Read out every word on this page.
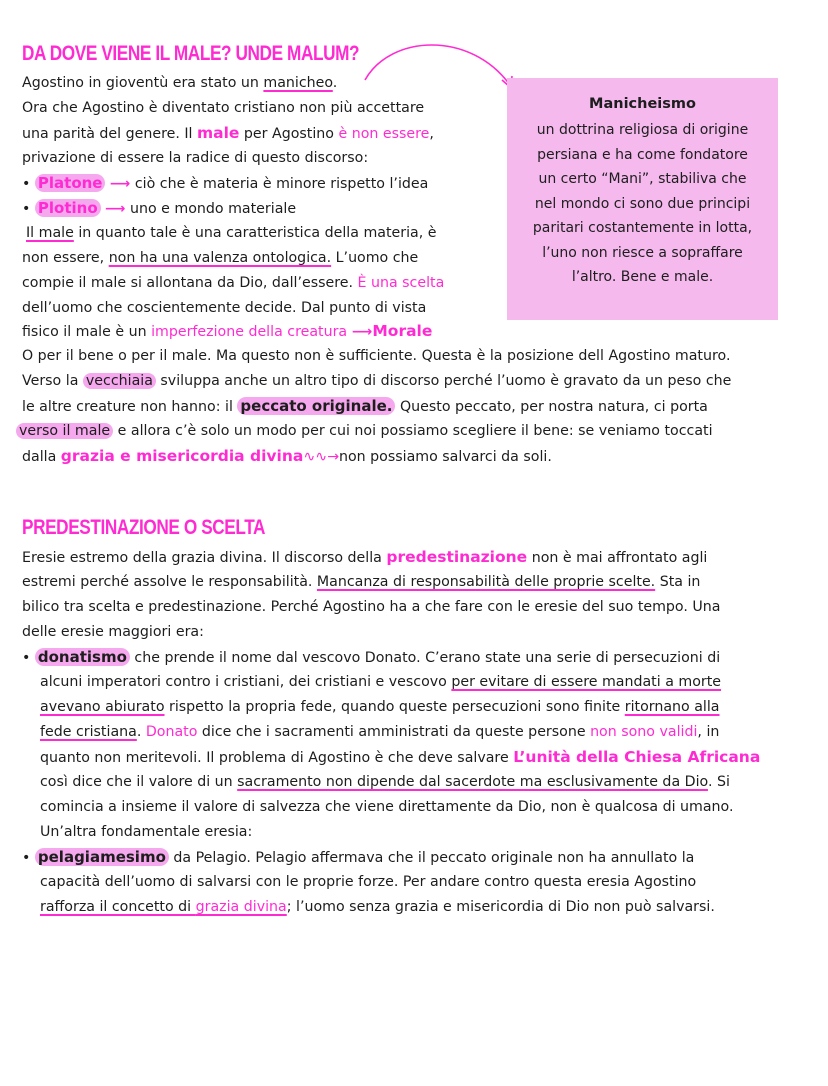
DA DOVE VIENE IL MALE? UNDE MALUM?
Agostino in gioventù era stato un manicheo.
Ora che Agostino è diventato cristiano non più accettare
una parità del genere. Il male per Agostino è non essere,
privazione di essere la radice di questo discorso:
• Platone ⟶ ciò che è materia è minore rispetto l’idea
• Plotino ⟶ uno e mondo materiale
Il male in quanto tale è una caratteristica della materia, è
non essere, non ha una valenza ontologica. L’uomo che
compie il male si allontana da Dio, dall’essere. È una scelta
dell’uomo che coscientemente decide. Dal punto di vista
fisico il male è un imperfezione della creatura ⟶Morale
Manicheismo
un dottrina religiosa di origine
persiana e ha come fondatore
un certo “Mani”, stabiliva che
nel mondo ci sono due principi
paritari costantemente in lotta,
l’uno non riesce a sopraffare
l’altro. Bene e male.
O per il bene o per il male. Ma questo non è sufficiente. Questa è la posizione dell Agostino maturo.
Verso la vecchiaia sviluppa anche un altro tipo di discorso perché l’uomo è gravato da un peso che
le altre creature non hanno: il peccato originale. Questo peccato, per nostra natura, ci porta
verso il male e allora c’è solo un modo per cui noi possiamo scegliere il bene: se veniamo toccati
dalla grazia e misericordia divina∿∿→non possiamo salvarci da soli.
PREDESTINAZIONE O SCELTA
Eresie estremo della grazia divina. Il discorso della predestinazione non è mai affrontato agli
estremi perché assolve le responsabilità. Mancanza di responsabilità delle proprie scelte. Sta in
bilico tra scelta e predestinazione. Perché Agostino ha a che fare con le eresie del suo tempo. Una
delle eresie maggiori era:
• donatismo che prende il nome dal vescovo Donato. C’erano state una serie di persecuzioni di
alcuni imperatori contro i cristiani, dei cristiani e vescovo per evitare di essere mandati a morte
avevano abiurato rispetto la propria fede, quando queste persecuzioni sono finite ritornano alla
fede cristiana. Donato dice che i sacramenti amministrati da queste persone non sono validi, in
quanto non meritevoli. Il problema di Agostino è che deve salvare L’unità della Chiesa Africana
così dice che il valore di un sacramento non dipende dal sacerdote ma esclusivamente da Dio. Si
comincia a insieme il valore di salvezza che viene direttamente da Dio, non è qualcosa di umano.
Un’altra fondamentale eresia:
• pelagiamesimo da Pelagio. Pelagio affermava che il peccato originale non ha annullato la
capacità dell’uomo di salvarsi con le proprie forze. Per andare contro questa eresia Agostino
rafforza il concetto di grazia divina; l’uomo senza grazia e misericordia di Dio non può salvarsi.
